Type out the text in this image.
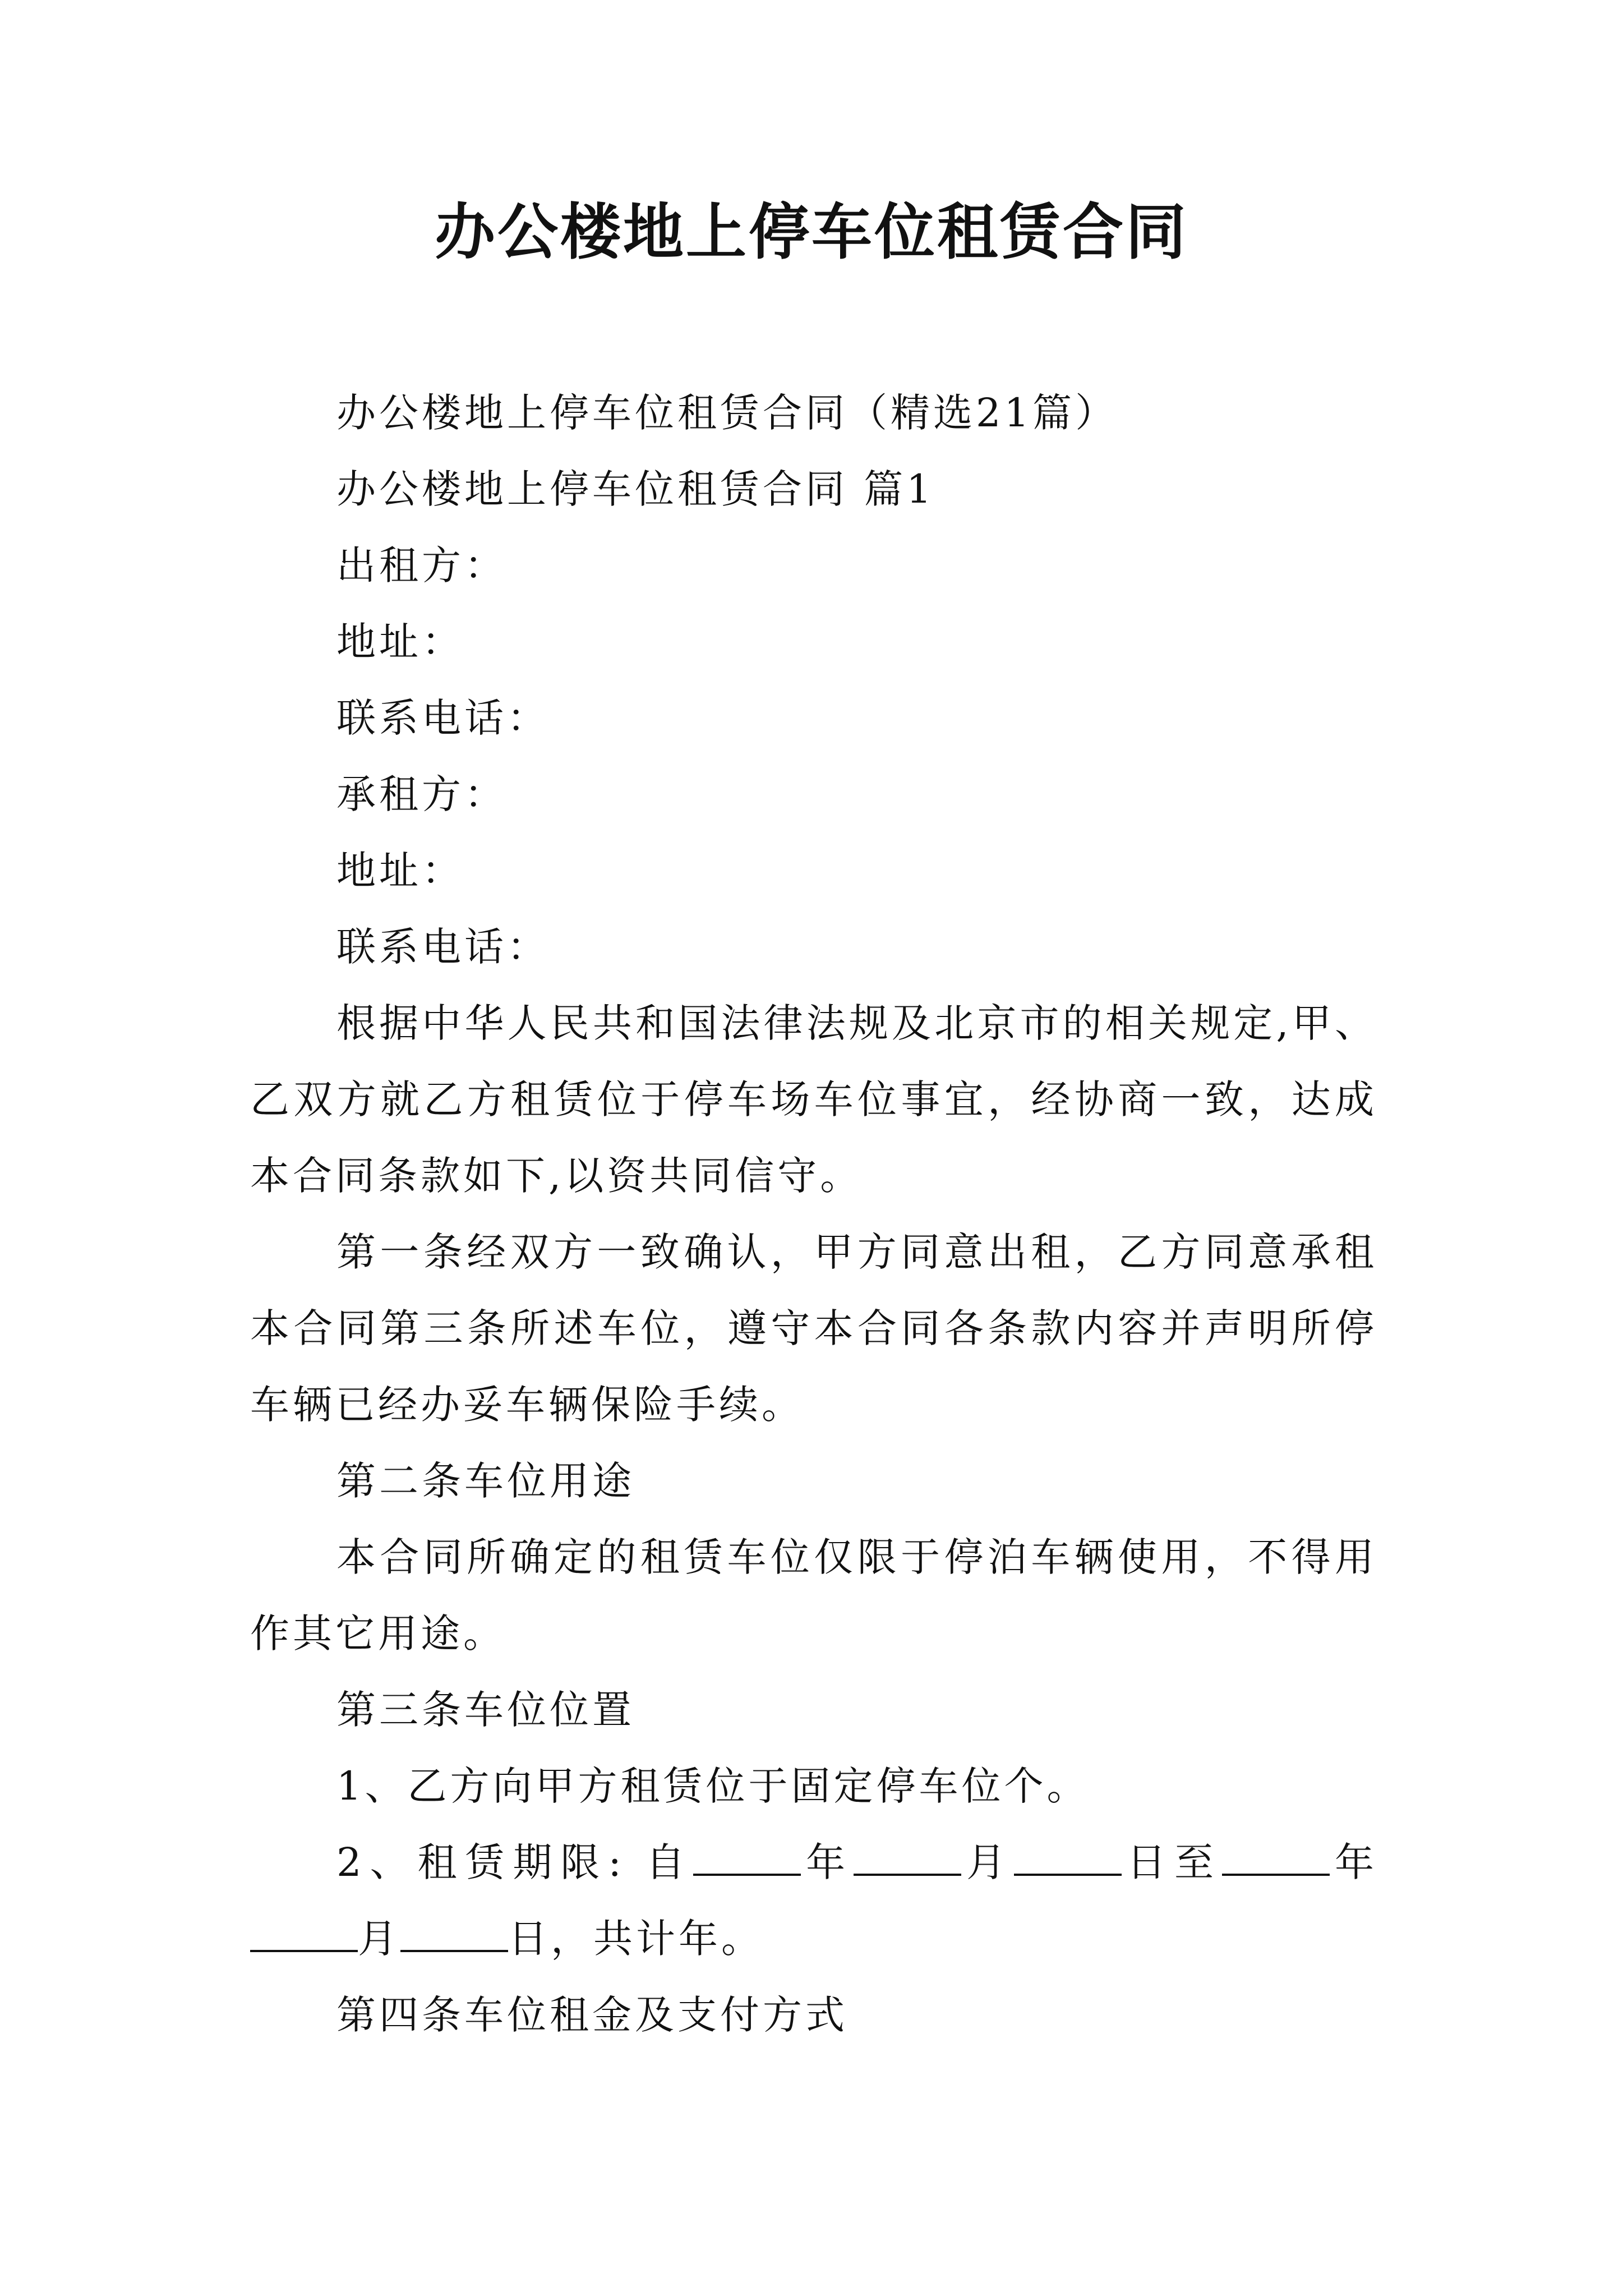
办公楼地上停车位租赁合同

办公楼地上停车位租赁合同（精选21篇）

办公楼地上停车位租赁合同 篇1

出租方：

地址：

联系电话：

承租方：

地址：

联系电话：

根据中华人民共和国法律法规及北京市的相关规定,甲、乙双方就乙方租赁位于停车场车位事宜，经协商一致，达成本合同条款如下,以资共同信守。

第一条经双方一致确认，甲方同意出租，乙方同意承租本合同第三条所述车位，遵守本合同各条款内容并声明所停车辆已经办妥车辆保险手续。

第二条车位用途

本合同所确定的租赁车位仅限于停泊车辆使用，不得用作其它用途。

第三条车位位置

1、乙方向甲方租赁位于固定停车位个。

2、租赁期限: 自	年	月	日至	年月	日，共计年。

第四条车位租金及支付方式
